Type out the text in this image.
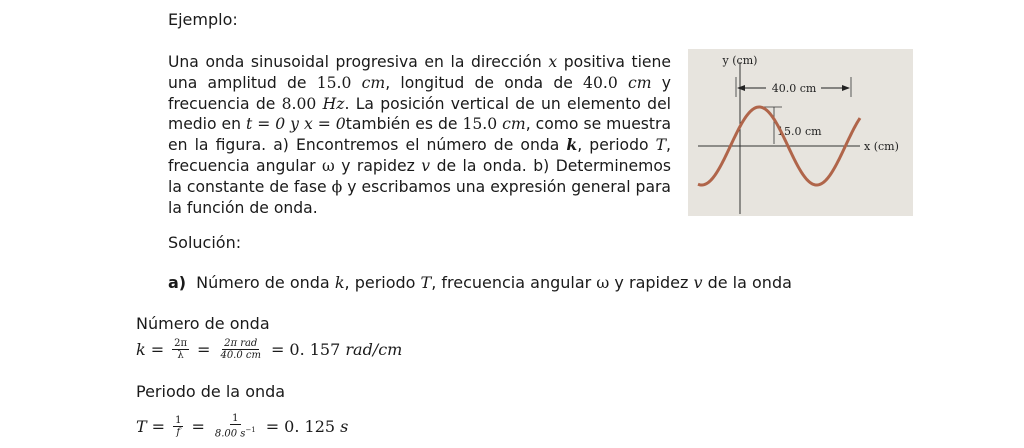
Ejemplo:
Una onda sinusoidal progresiva en la dirección x positiva tiene una amplitud de 15.0 cm, longitud de onda de 40.0 cm y frecuencia de 8.00 Hz. La posición vertical de un elemento del medio en t = 0 y x = 0también es de 15.0 cm, como se muestra en la figura. a) Encontremos el número de onda k, periodo T, frecuencia angular ω y rapidez v de la onda. b) Determinemos la constante de fase ϕ y escribamos una expresión general para la función de onda.
y (cm)
x (cm)
40.0 cm
15.0 cm
Solución:
a) Número de onda k, periodo T, frecuencia angular ω y rapidez v de la onda
Número de onda
$k = \frac{2\pi}{\lambda} = \frac{\text{2π rad}}{40.0 cm} = 0$. 157
rad/cm
Periodo de la onda
$T = \frac{1}{f} = \frac{1}{8.00 s^{-1}} = 0$. 125
s
